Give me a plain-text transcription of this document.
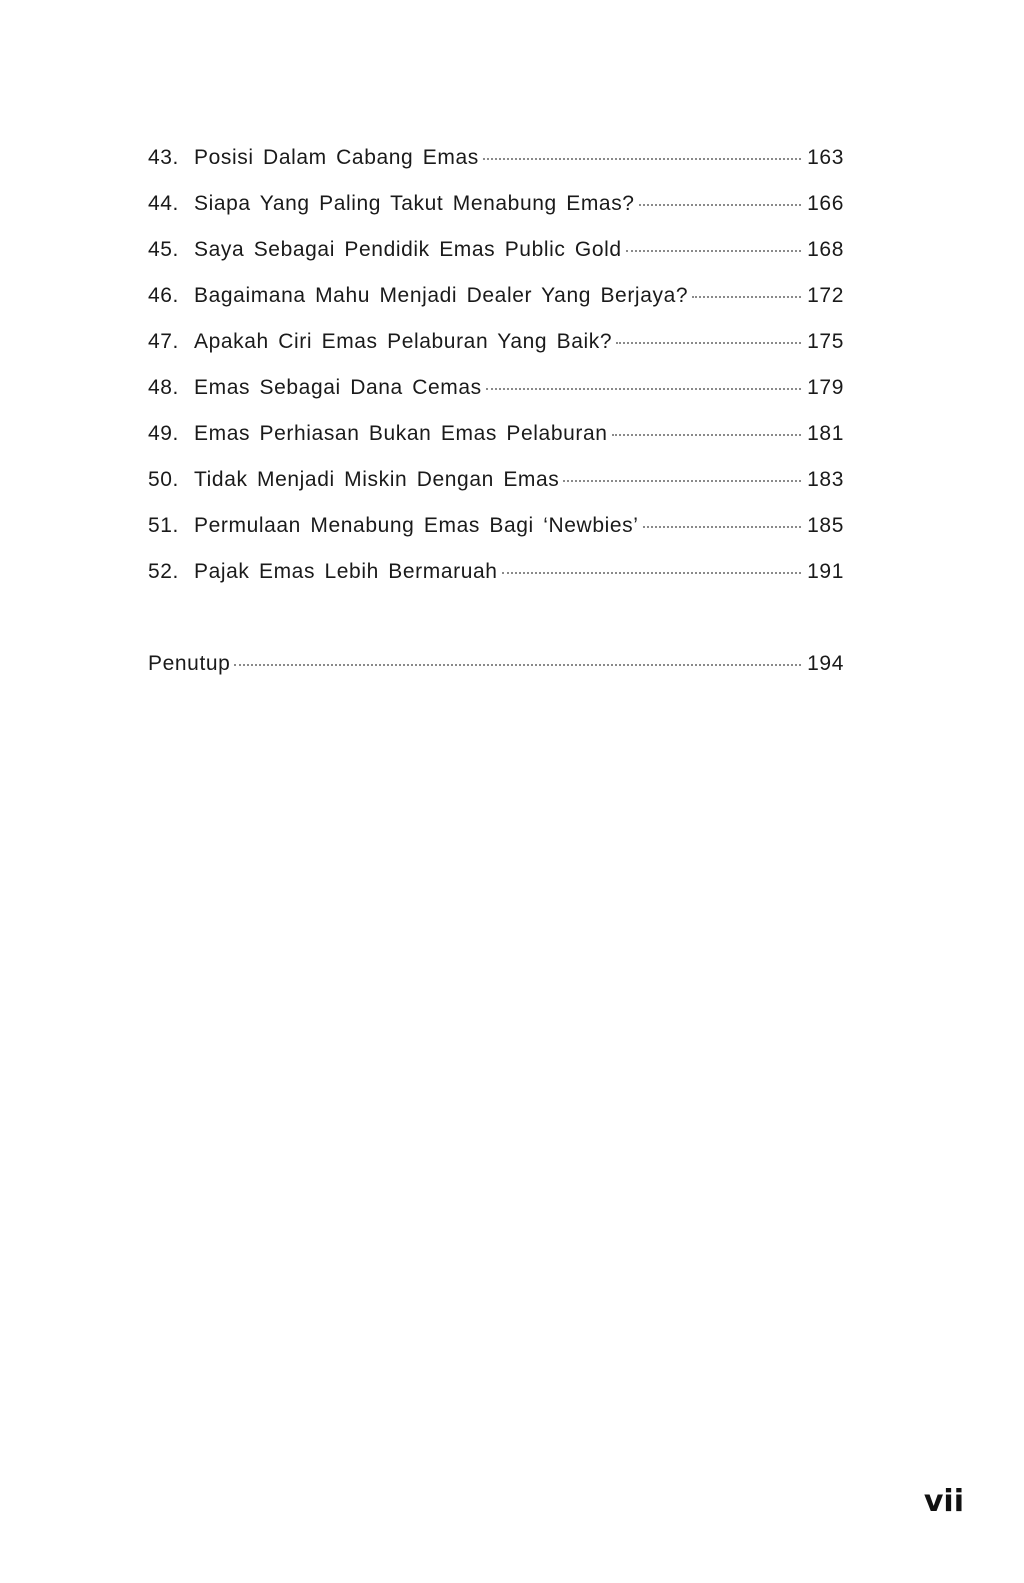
43. Posisi Dalam Cabang Emas	163
44. Siapa Yang Paling Takut Menabung Emas?	166
45. Saya Sebagai Pendidik Emas Public Gold	168
46. Bagaimana Mahu Menjadi Dealer Yang Berjaya?	172
47. Apakah Ciri Emas Pelaburan Yang Baik?	175
48. Emas Sebagai Dana Cemas	179
49. Emas Perhiasan Bukan Emas Pelaburan	181
50. Tidak Menjadi Miskin Dengan Emas	183
51. Permulaan Menabung Emas Bagi ‘Newbies’	185
52. Pajak Emas Lebih Bermaruah	191
Penutup	194
vii
